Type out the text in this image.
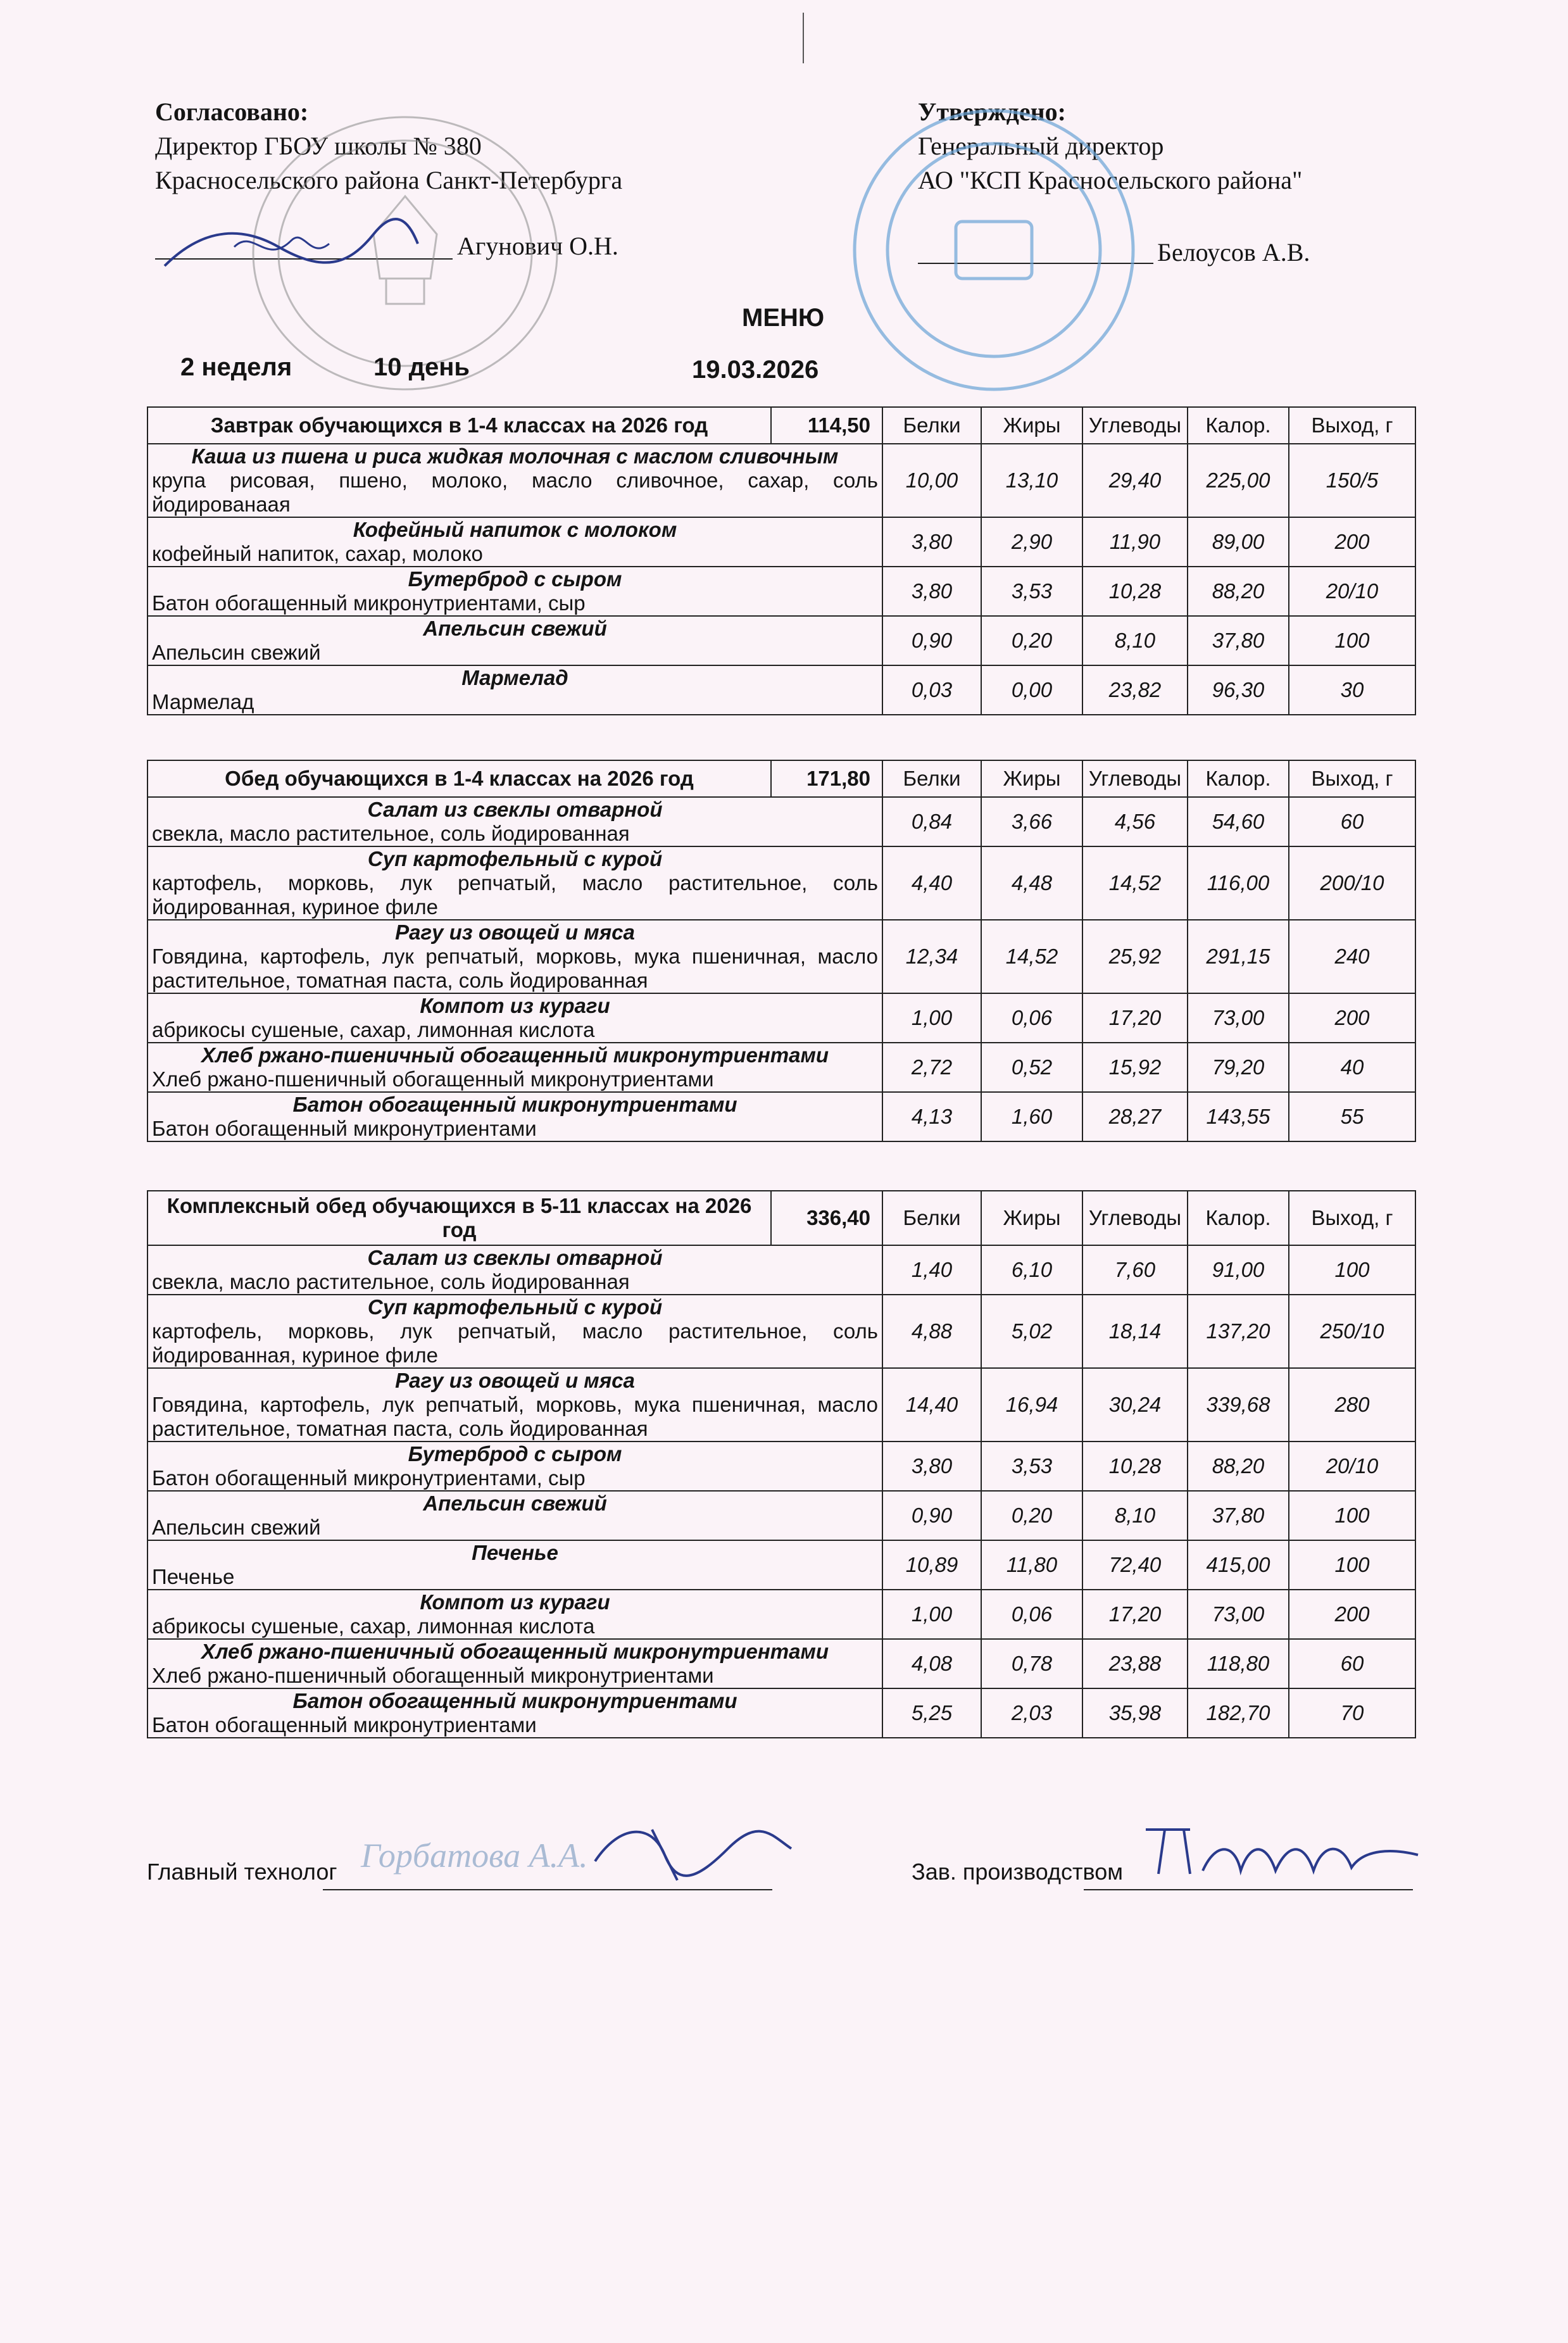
Согласовано:
Директор ГБОУ школы № 380
Красносельского района Санкт-Петербурга
Агунович О.Н.
Утверждено:
Генеральный директор
АО "КСП Красносельского района"
Белоусов А.В.
МЕНЮ
2 неделя	10 день	19.03.2026
Завтрак обучающихся в 1-4 классах на 2026 год	114,50	Белки	Жиры	Углеводы	Калор.	Выход, г

Каша из пшена и риса жидкая молочная с маслом сливочным
крупа рисовая, пшено, молоко, масло сливочное, сахар, соль йодированаая		10,00	13,10	29,40	225,00	150/5

Кофейный напиток с молоком
кофейный напиток, сахар, молоко		3,80	2,90	11,90	89,00	200

Бутерброд с сыром
Батон обогащенный микронутриентами, сыр		3,80	3,53	10,28	88,20	20/10

Апельсин свежий
Апельсин свежий		0,90	0,20	8,10	37,80	100

Мармелад
Мармелад		0,03	0,00	23,82	96,30	30
Обед обучающихся в 1-4 классах на 2026 год	171,80	Белки	Жиры	Углеводы	Калор.	Выход, г

Салат из свеклы отварной
свекла, масло растительное, соль йодированная		0,84	3,66	4,56	54,60	60

Суп картофельный с курой
картофель, морковь, лук репчатый, масло растительное, соль йодированная, куриное филе		4,40	4,48	14,52	116,00	200/10

Рагу из овощей и мяса
Говядина, картофель, лук репчатый, морковь, мука пшеничная, масло растительное, томатная паста, соль йодированная		12,34	14,52	25,92	291,15	240

Компот из кураги
абрикосы сушеные, сахар, лимонная кислота		1,00	0,06	17,20	73,00	200

Хлеб ржано-пшеничный обогащенный микронутриентами
Хлеб ржано-пшеничный обогащенный микронутриентами		2,72	0,52	15,92	79,20	40

Батон обогащенный микронутриентами
Батон обогащенный микронутриентами		4,13	1,60	28,27	143,55	55
Комплексный обед обучающихся в 5-11 классах на 2026 год	336,40	Белки	Жиры	Углеводы	Калор.	Выход, г

Салат из свеклы отварной
свекла, масло растительное, соль йодированная		1,40	6,10	7,60	91,00	100

Суп картофельный с курой
картофель, морковь, лук репчатый, масло растительное, соль йодированная, куриное филе		4,88	5,02	18,14	137,20	250/10

Рагу из овощей и мяса
Говядина, картофель, лук репчатый, морковь, мука пшеничная, масло растительное, томатная паста, соль йодированная		14,40	16,94	30,24	339,68	280

Бутерброд с сыром
Батон обогащенный микронутриентами, сыр		3,80	3,53	10,28	88,20	20/10

Апельсин свежий
Апельсин свежий		0,90	0,20	8,10	37,80	100

Печенье
Печенье		10,89	11,80	72,40	415,00	100

Компот из кураги
абрикосы сушеные, сахар, лимонная кислота		1,00	0,06	17,20	73,00	200

Хлеб ржано-пшеничный обогащенный микронутриентами
Хлеб ржано-пшеничный обогащенный микронутриентами		4,08	0,78	23,88	118,80	60

Батон обогащенный микронутриентами
Батон обогащенный микронутриентами		5,25	2,03	35,98	182,70	70
Главный технолог Горбатова А.А.	Зав. производством
